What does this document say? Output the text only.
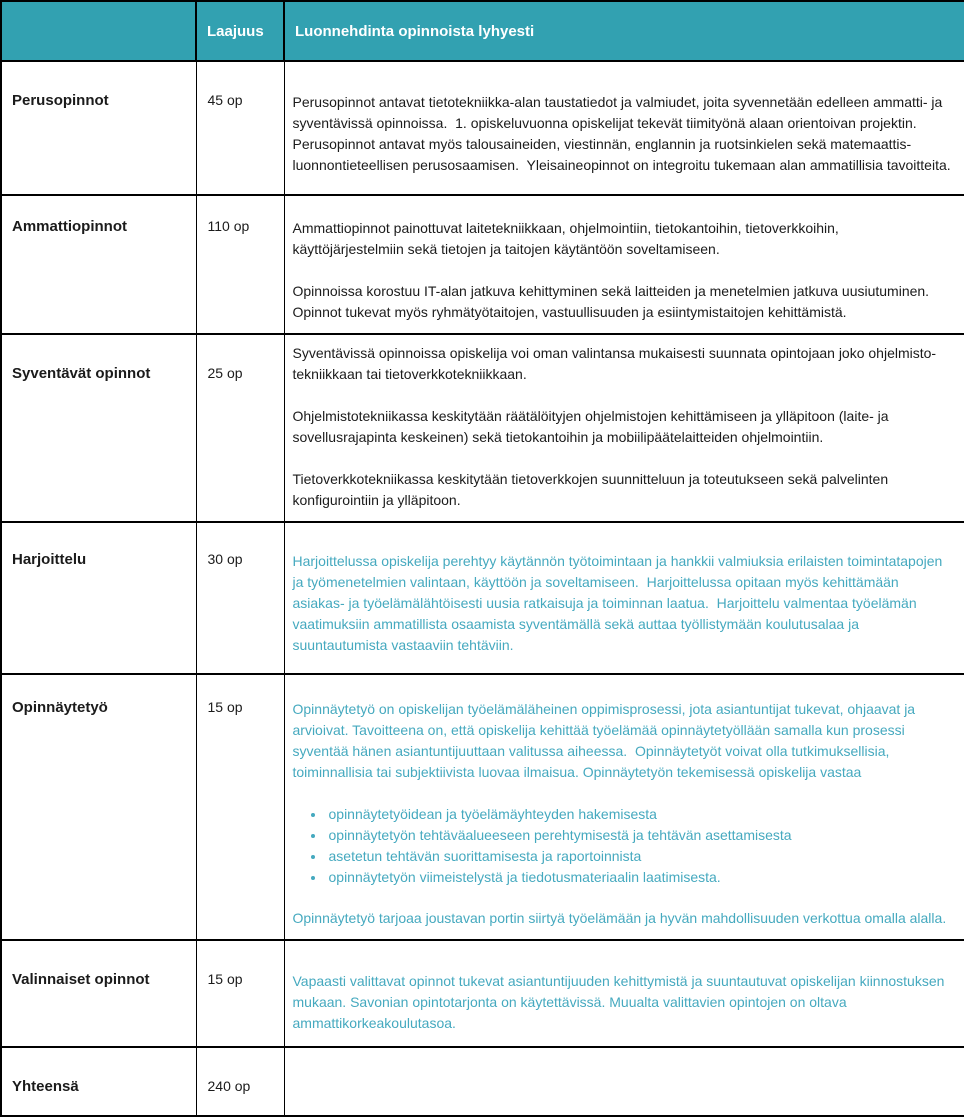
	Laajuus	Luonnehdinta opinnoista lyhyesti
Perusopinnot	45 op	Perusopinnot antavat tietotekniikka-alan taustatiedot ja valmiudet, joita syvennetään edelleen ammatti- ja syventävissä opinnoissa.  1. opiskeluvuonna opiskelijat tekevät tiimityönä alaan orientoivan projektin. Perusopinnot antavat myös talousaineiden, viestinnän, englannin ja ruotsinkielen sekä matemaattis-luonnontieteellisen perusosaamisen.  Yleisaineopinnot on integroitu tukemaan alan ammatillisia tavoitteita.

Ammattiopinnot	110 op	Ammattiopinnot painottuvat laitetekniikkaan, ohjelmointiin, tietokantoihin, tietoverkkoihin, käyttöjärjestelmiin sekä tietojen ja taitojen käytäntöön soveltamiseen.

Opinnoissa korostuu IT-alan jatkuva kehittyminen sekä laitteiden ja menetelmien jatkuva uusiutuminen. Opinnot tukevat myös ryhmätyötaitojen, vastuullisuuden ja esiintymistaitojen kehittämistä.

Syventävät opinnot	25 op	Syventävissä opinnoissa opiskelija voi oman valintansa mukaisesti suunnata opintojaan joko ohjelmisto-tekniikkaan tai tietoverkkotekniikkaan.

Ohjelmistotekniikassa keskitytään räätälöityjen ohjelmistojen kehittämiseen ja ylläpitoon (laite- ja sovellusrajapinta keskeinen) sekä tietokantoihin ja mobiilipäätelaitteiden ohjelmointiin.

Tietoverkkotekniikassa keskitytään tietoverkkojen suunnitteluun ja toteutukseen sekä palvelinten konfigurointiin ja ylläpitoon.

Harjoittelu	30 op	Harjoittelussa opiskelija perehtyy käytännön työtoimintaan ja hankkii valmiuksia erilaisten toimintatapojen ja työmenetelmien valintaan, käyttöön ja soveltamiseen.  Harjoittelussa opitaan myös kehittämään asiakas- ja työelämälähtöisesti uusia ratkaisuja ja toiminnan laatua.  Harjoittelu valmentaa työelämän vaatimuksiin ammatillista osaamista syventämällä sekä auttaa työllistymään koulutusalaa ja suuntautumista vastaaviin tehtäviin.

Opinnäytetyö	15 op	Opinnäytetyö on opiskelijan työelämäläheinen oppimisprosessi, jota asiantuntijat tukevat, ohjaavat ja arvioivat. Tavoitteena on, että opiskelija kehittää työelämää opinnäytetyöllään samalla kun prosessi syventää hänen asiantuntijuuttaan valitussa aiheessa.  Opinnäytetyöt voivat olla tutkimuksellisia, toiminnallisia tai subjektiivista luovaa ilmaisua. Opinnäytetyön tekemisessä opiskelija vastaa

• opinnäytetyöidean ja työelämäyhteyden hakemisesta
• opinnäytetyön tehtäväalueeseen perehtymisestä ja tehtävän asettamisesta
• asetetun tehtävän suorittamisesta ja raportoinnista
• opinnäytetyön viimeistelystä ja tiedotusmateriaalin laatimisesta.

Opinnäytetyö tarjoaa joustavan portin siirtyä työelämään ja hyvän mahdollisuuden verkottua omalla alalla.

Valinnaiset opinnot	15 op	Vapaasti valittavat opinnot tukevat asiantuntijuuden kehittymistä ja suuntautuvat opiskelijan kiinnostuksen mukaan. Savonian opintotarjonta on käytettävissä. Muualta valittavien opintojen on oltava ammattikorkeakoulutasoa.

Yhteensä	240 op	
